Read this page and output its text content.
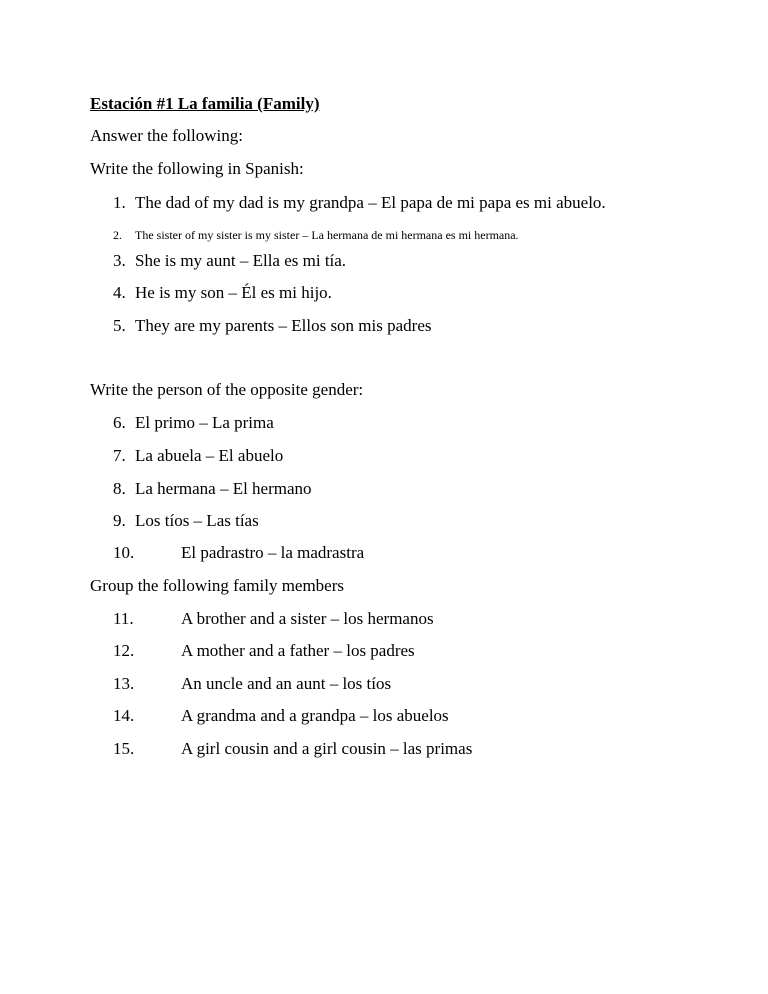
Estación #1 La familia (Family)
Answer the following:
Write the following in Spanish:
1. The dad of my dad is my grandpa – El papa de mi papa es mi abuelo.
2. The sister of my sister is my sister – La hermana de mi hermana es mi hermana.
3. She is my aunt – Ella es mi tía.
4. He is my son – Él es mi hijo.
5. They are my parents – Ellos son mis padres
Write the person of the opposite gender:
6. El primo – La prima
7. La abuela – El abuelo
8. La hermana – El hermano
9. Los tíos – Las tías
10.	El padrastro – la madrastra
Group the following family members
11.	A brother and a sister – los hermanos
12.	A mother and a father – los padres
13.	An uncle and an aunt – los tíos
14.	A grandma and a grandpa – los abuelos
15.	A girl cousin and a girl cousin – las primas
